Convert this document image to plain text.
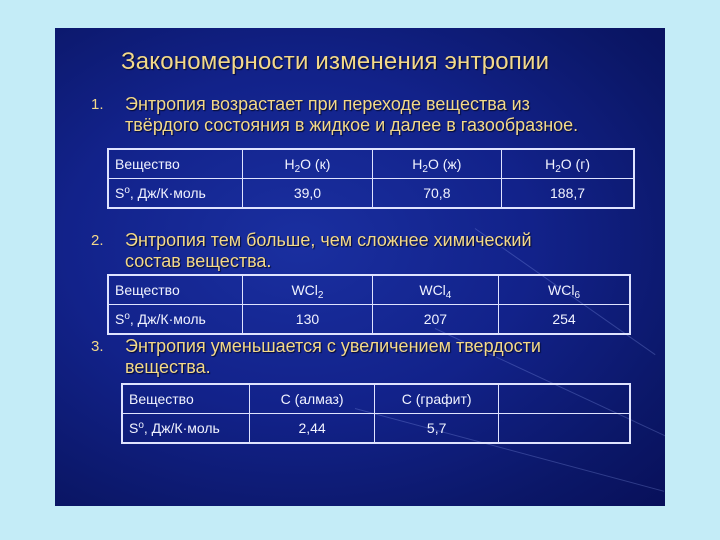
Закономерности изменения энтропии
1. Энтропия возрастает при переходе вещества из
твёрдого состояния в жидкое и далее в газообразное.
Вещество	$H_2O$ (к)	$H_2O$ (ж)	$H_2O$ (г)
$S^o$, Дж/К·моль	39,0	70,8	188,7
2. Энтропия тем больше, чем сложнее химический
состав вещества.
Вещество	WCl$_2$	WCl$_4$	WCl$_6$
$S^o$, Дж/К·моль	130	207	254
3. Энтропия уменьшается с увеличением твердости
вещества.
Вещество	C (алмаз)	C (графит)	
$S^o$, Дж/К·моль	2,44	5,7	
